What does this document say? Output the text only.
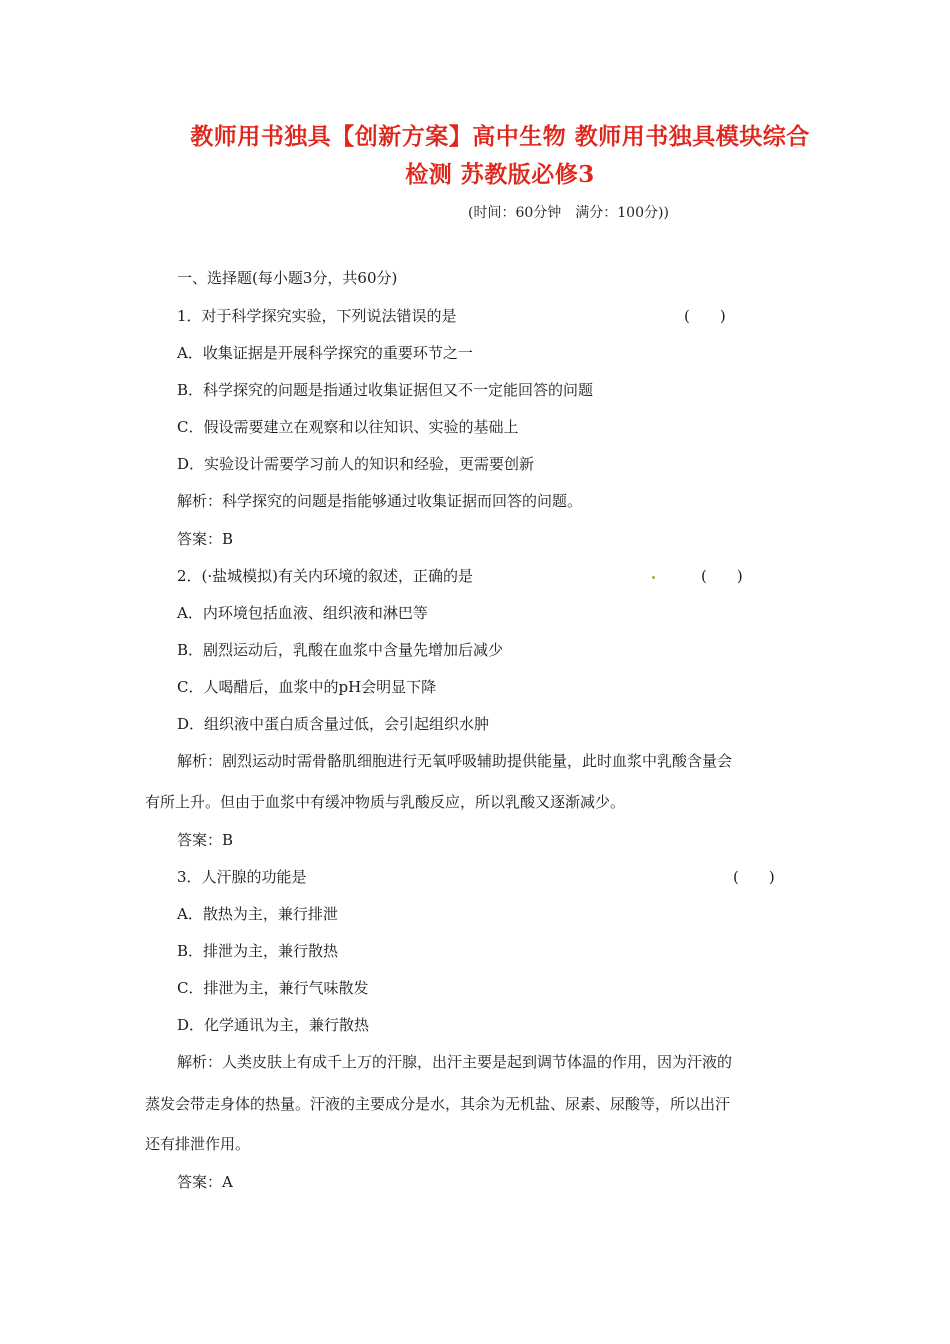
教师用书独具【创新方案】高中生物 教师用书独具模块综合检测 苏教版必修3
(时间：60分钟　满分：100分))
一、选择题(每小题3分，共60分)
1．对于科学探究实验，下列说法错误的是	(　　)
A．收集证据是开展科学探究的重要环节之一
B．科学探究的问题是指通过收集证据但又不一定能回答的问题
C．假设需要建立在观察和以往知识、实验的基础上
D．实验设计需要学习前人的知识和经验，更需要创新
解析：科学探究的问题是指能够通过收集证据而回答的问题。
答案：B
2．(·盐城模拟)有关内环境的叙述，正确的是	(　　)
A．内环境包括血液、组织液和淋巴等
B．剧烈运动后，乳酸在血浆中含量先增加后减少
C．人喝醋后，血浆中的pH会明显下降
D．组织液中蛋白质含量过低，会引起组织水肿
解析：剧烈运动时需骨骼肌细胞进行无氧呼吸辅助提供能量，此时血浆中乳酸含量会
有所上升。但由于血浆中有缓冲物质与乳酸反应，所以乳酸又逐渐减少。
答案：B
3．人汗腺的功能是	(　　)
A．散热为主，兼行排泄
B．排泄为主，兼行散热
C．排泄为主，兼行气味散发
D．化学通讯为主，兼行散热
解析：人类皮肤上有成千上万的汗腺，出汗主要是起到调节体温的作用，因为汗液的
蒸发会带走身体的热量。汗液的主要成分是水，其余为无机盐、尿素、尿酸等，所以出汗
还有排泄作用。
答案：A
